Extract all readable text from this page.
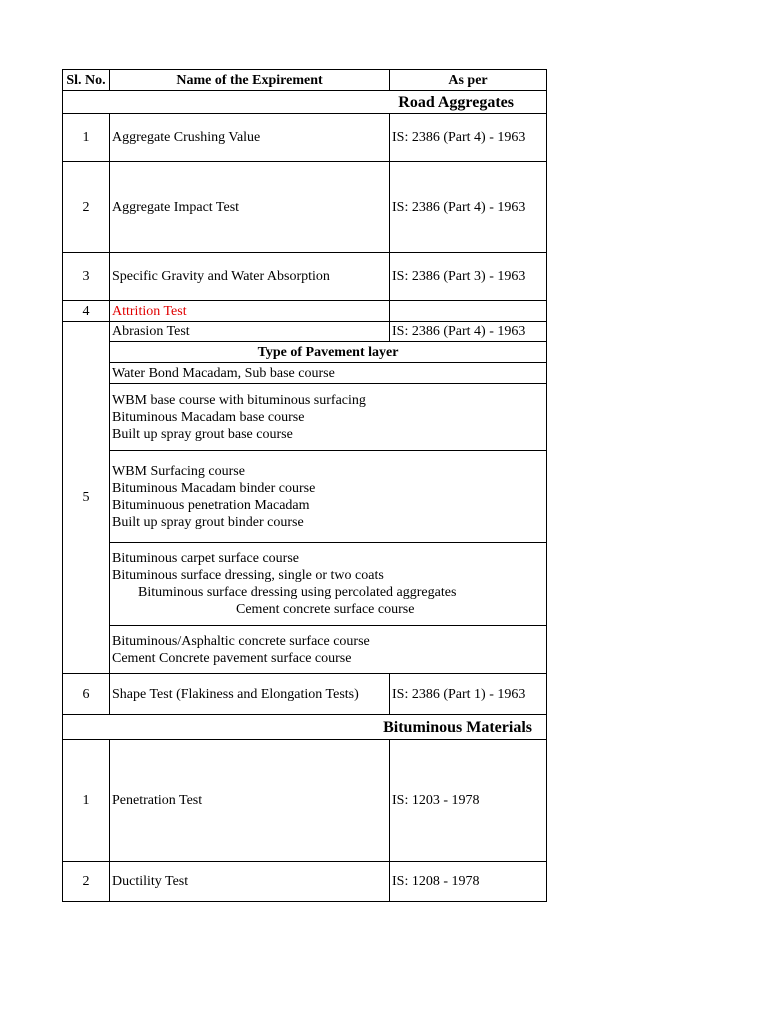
Sl. No.	Name of the Expirement	As per
Road Aggregates		
1	Aggregate Crushing Value	IS: 2386 (Part 4) - 1963
2	Aggregate Impact Test	IS: 2386 (Part 4) - 1963
3	Specific Gravity and Water Absorption	IS: 2386 (Part 3) - 1963
4	Attrition Test	
5	Abrasion Test	IS: 2386 (Part 4) - 1963
	Type of Pavement layer	

	Water Bond Macadam, Sub base course	

	WBM base course with bituminous surfacing
Bituminous Macadam base course
Built up spray grout base course	

	WBM Surfacing course
Bituminous Macadam binder course
Bituminuous penetration Macadam
Built up spray grout binder course	

	Bituminous carpet surface course
Bituminous surface dressing, single or two coats
Bituminous surface dressing using percolated aggregates
Cement concrete surface course	

	Bituminous/Asphaltic concrete surface course
Cement Concrete pavement surface course	

6	Shape Test (Flakiness and Elongation Tests)	IS: 2386 (Part 1) - 1963
Bituminous Materials		
1	Penetration Test	IS: 1203 - 1978
2	Ductility Test	IS: 1208 - 1978
